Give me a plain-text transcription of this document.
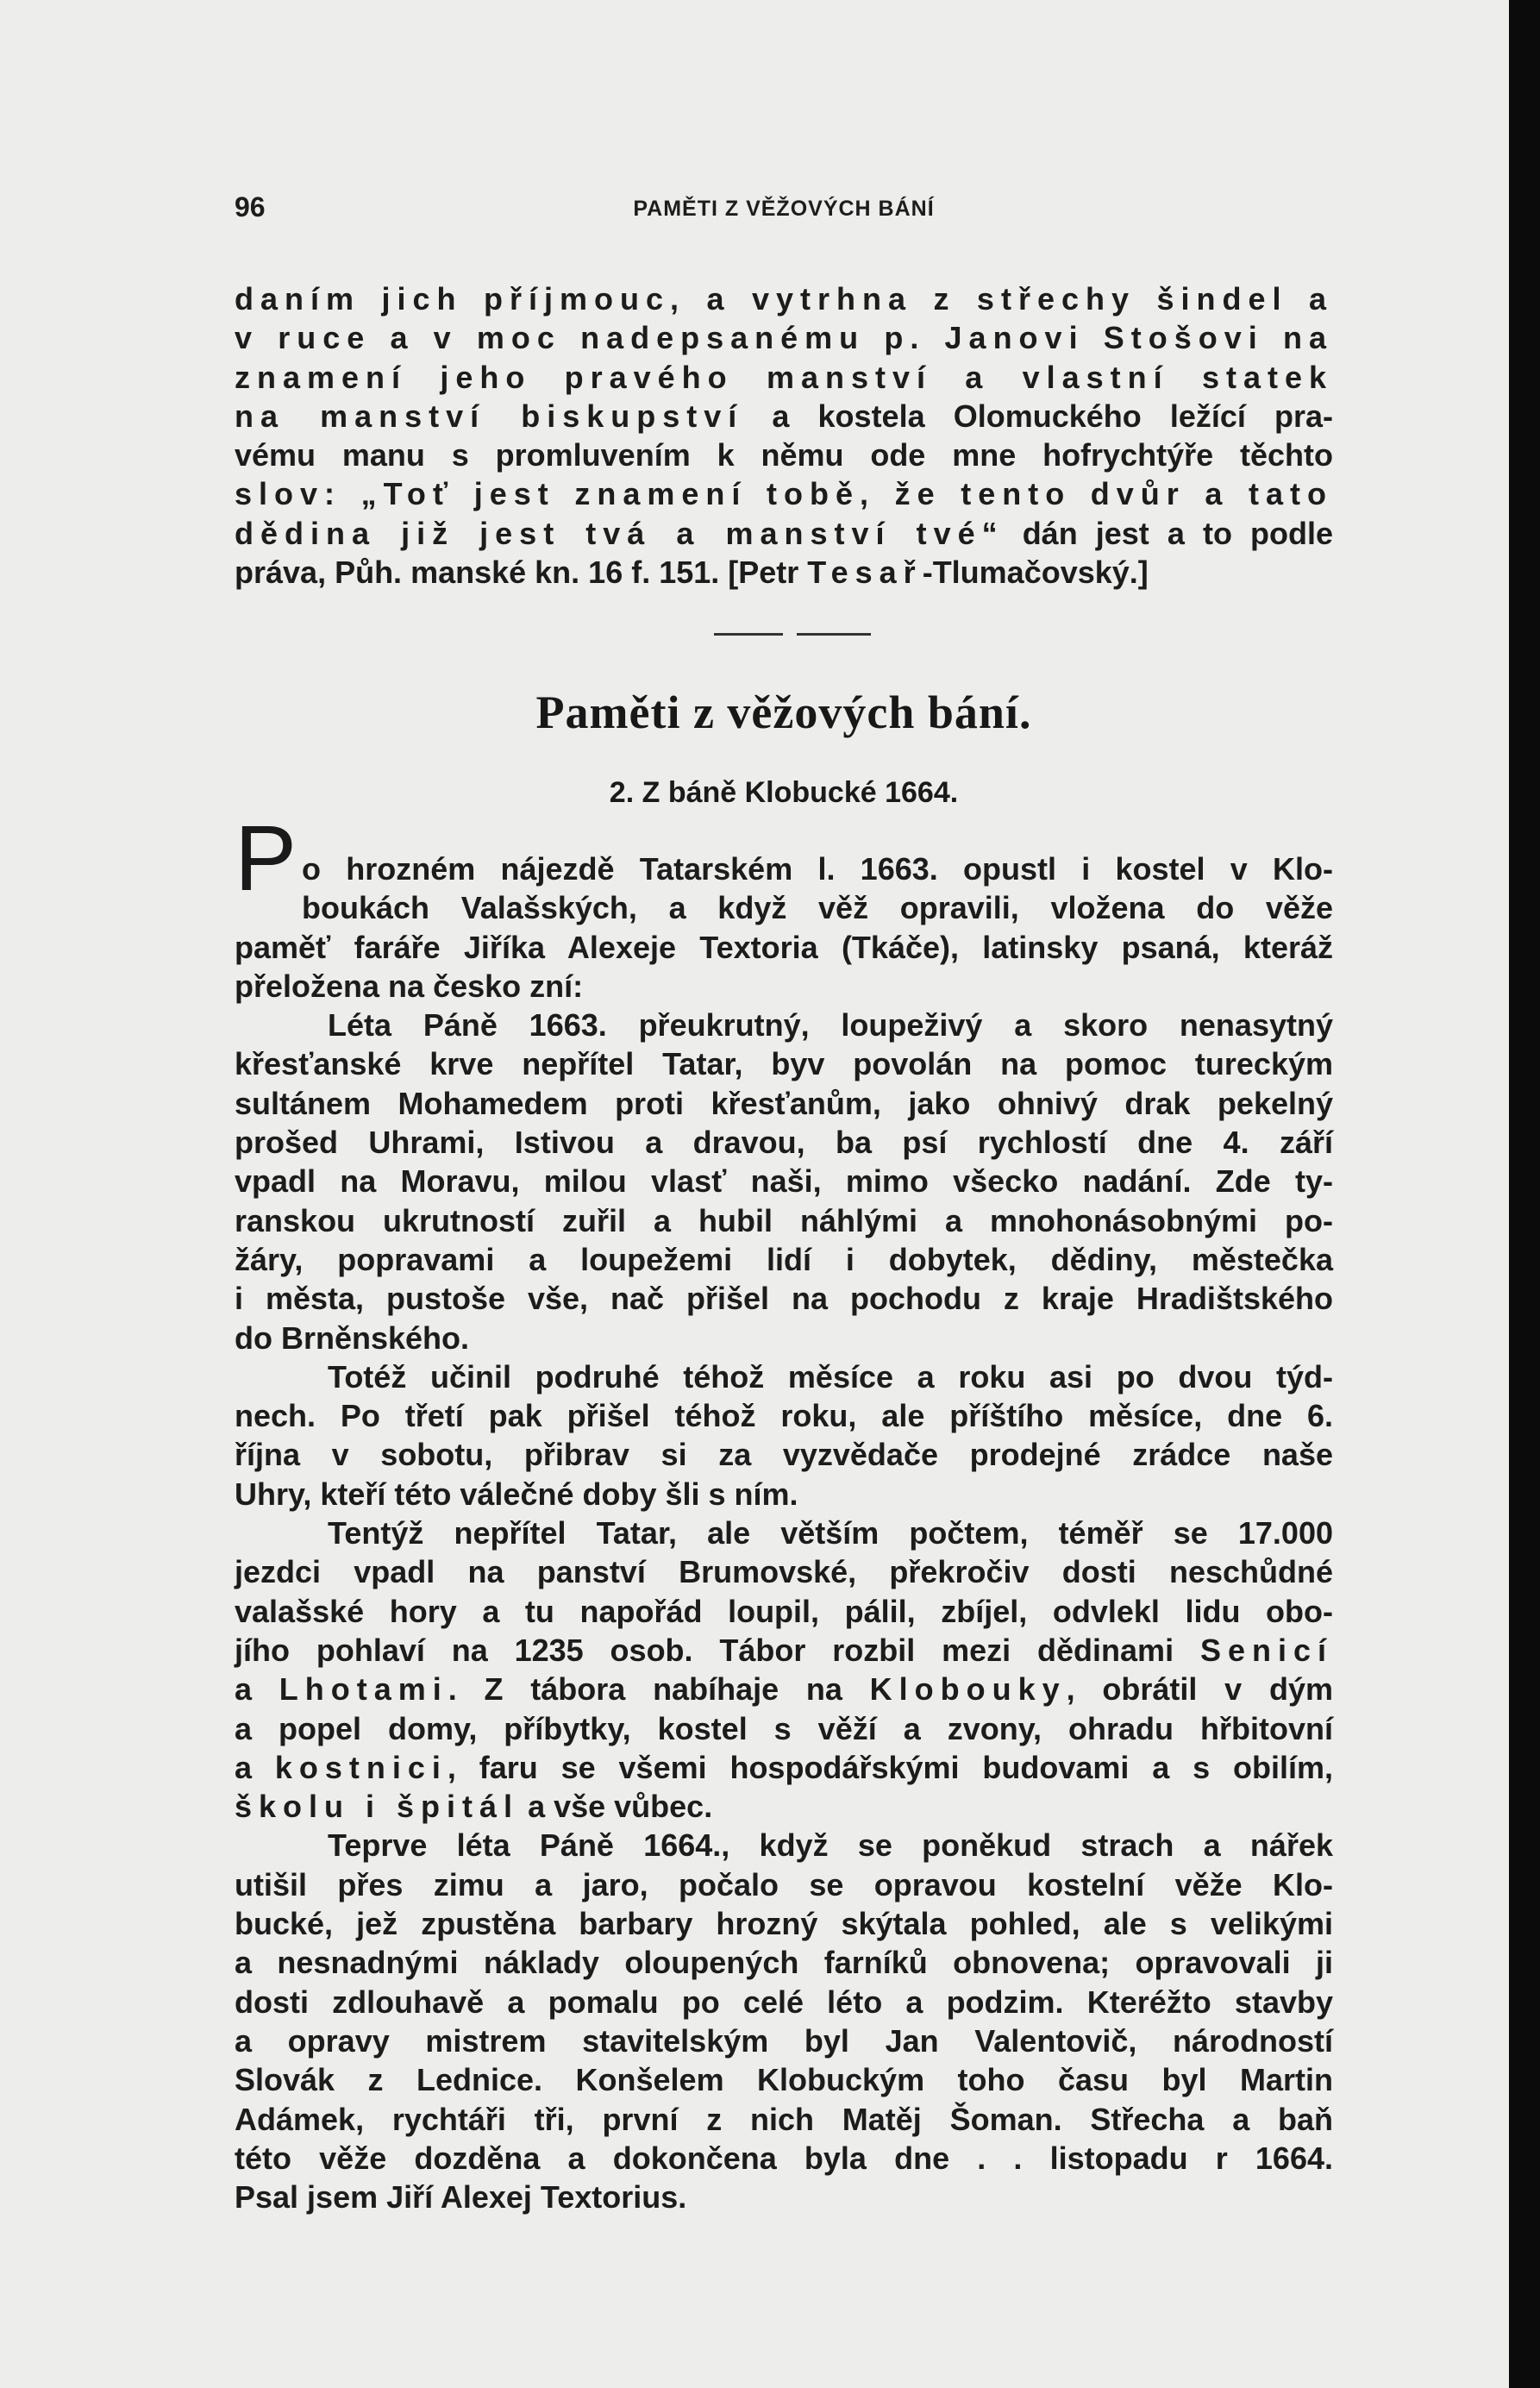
96	PAMĚTI Z VĚŽOVÝCH BÁNÍ
daním jich příjmouc, a vytrhna z střechy šindel a
v ruce a v moc nadepsanému p. Janovi Stošovi na
znamení jeho pravého manství a vlastní statek
na manství biskupství a kostela Olomuckého ležící pra-
vému manu s promluvením k němu ode mne hofrychtýře těchto
slov: „Toť jest znamení tobě, že tento dvůr a tato
dědina již jest tvá a manství tvé“ dán jest a to podle
práva, Půh. manské kn. 16 f. 151. [Petr Tesař-Tlumačovský.]
Paměti z věžových bání.
2. Z báně Klobucké 1664.
P o hrozném nájezdě Tatarském l. 1663. opustl i kostel v Klo-
boukách Valašských, a když věž opravili, vložena do věže
paměť faráře Jiříka Alexeje Textoria (Tkáče), latinsky psaná, kteráž
přeložena na česko zní:
Léta Páně 1663. přeukrutný, loupeživý a skoro nenasytný
křesťanské krve nepřítel Tatar, byv povolán na pomoc tureckým
sultánem Mohamedem proti křesťanům, jako ohnivý drak pekelný
prošed Uhrami, Istivou a dravou, ba psí rychlostí dne 4. září
vpadl na Moravu, milou vlasť naši, mimo všecko nadání. Zde ty-
ranskou ukrutností zuřil a hubil náhlými a mnohonásobnými po-
žáry, popravami a loupežemi lidí i dobytek, dědiny, městečka
i města, pustoše vše, nač přišel na pochodu z kraje Hradištského
do Brněnského.
Totéž učinil podruhé téhož měsíce a roku asi po dvou týd-
nech. Po třetí pak přišel téhož roku, ale příštího měsíce, dne 6.
října v sobotu, přibrav si za vyzvědače prodejné zrádce naše
Uhry, kteří této válečné doby šli s ním.
Tentýž nepřítel Tatar, ale větším počtem, téměř se 17.000
jezdci vpadl na panství Brumovské, překročiv dosti neschůdné
valašské hory a tu napořád loupil, pálil, zbíjel, odvlekl lidu obo-
jího pohlaví na 1235 osob. Tábor rozbil mezi dědinami Senicí
a Lhotami. Z tábora nabíhaje na Klobouky, obrátil v dým
a popel domy, příbytky, kostel s věží a zvony, ohradu hřbitovní
a kostnici, faru se všemi hospodářskými budovami a s obilím,
školu i špitál a vše vůbec.
Teprve léta Páně 1664., když se poněkud strach a nářek
utišil přes zimu a jaro, počalo se opravou kostelní věže Klo-
bucké, jež zpustěna barbary hrozný skýtala pohled, ale s velikými
a nesnadnými náklady oloupených farníků obnovena; opravovali ji
dosti zdlouhavě a pomalu po celé léto a podzim. Kteréžto stavby
a opravy mistrem stavitelským byl Jan Valentovič, národností
Slovák z Lednice. Konšelem Klobuckým toho času byl Martin
Adámek, rychtáři tři, první z nich Matěj Šoman. Střecha a baň
této věže dozděna a dokončena byla dne . . listopadu r 1664.
Psal jsem Jiří Alexej Textorius.
